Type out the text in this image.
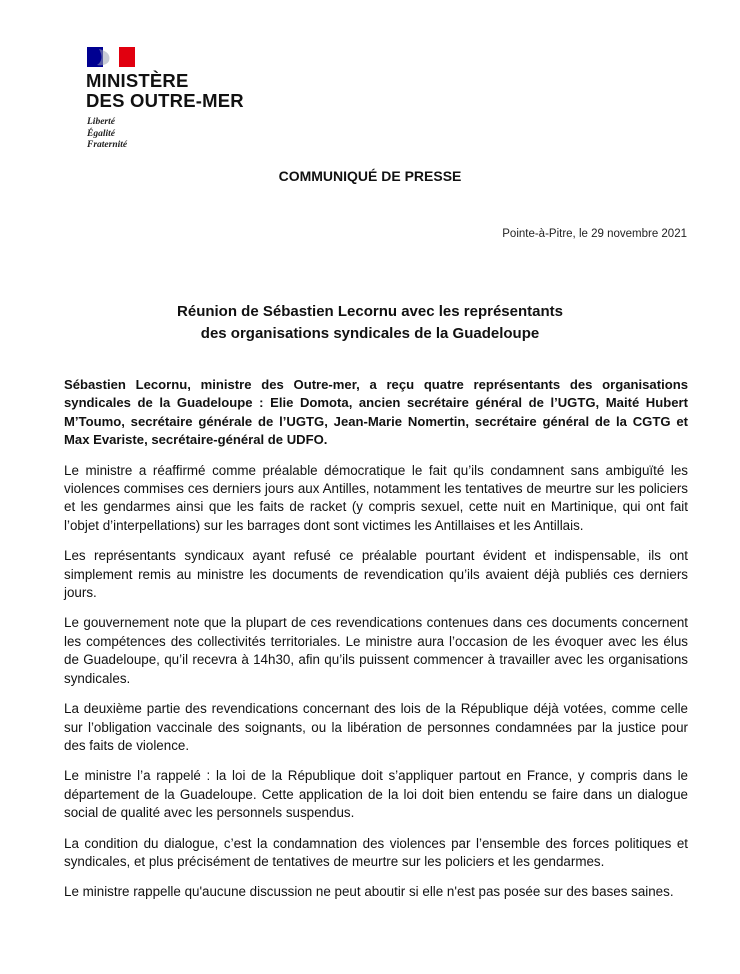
MINISTÈRE
DES OUTRE-MER
Liberté
Égalité
Fraternité
COMMUNIQUÉ DE PRESSE
Pointe-à-Pitre, le 29 novembre 2021
Réunion de Sébastien Lecornu avec les représentants
des organisations syndicales de la Guadeloupe

Sébastien Lecornu, ministre des Outre-mer, a reçu quatre représentants des organisations syndicales de la Guadeloupe : Elie Domota, ancien secrétaire général de l’UGTG, Maité Hubert M’Toumo, secrétaire générale de l’UGTG, Jean-Marie Nomertin, secrétaire général de la CGTG et Max Evariste, secrétaire-général de UDFO.

Le ministre a réaffirmé comme préalable démocratique le fait qu’ils condamnent sans ambiguïté les violences commises ces derniers jours aux Antilles, notamment les tentatives de meurtre sur les policiers et les gendarmes ainsi que les faits de racket (y compris sexuel, cette nuit en Martinique, qui ont fait l’objet d’interpellations) sur les barrages dont sont victimes les Antillaises et les Antillais.

Les représentants syndicaux ayant refusé ce préalable pourtant évident et indispensable, ils ont simplement remis au ministre les documents de revendication qu’ils avaient déjà publiés ces derniers jours.

Le gouvernement note que la plupart de ces revendications contenues dans ces documents concernent les compétences des collectivités territoriales. Le ministre aura l’occasion de les évoquer avec les élus de Guadeloupe, qu’il recevra à 14h30, afin qu’ils puissent commencer à travailler avec les organisations syndicales.

La deuxième partie des revendications concernant des lois de la République déjà votées, comme celle sur l’obligation vaccinale des soignants, ou la libération de personnes condamnées par la justice pour des faits de violence.

Le ministre l’a rappelé : la loi de la République doit s’appliquer partout en France, y compris dans le département de la Guadeloupe. Cette application de la loi doit bien entendu se faire dans un dialogue social de qualité avec les personnels suspendus.

La condition du dialogue, c’est la condamnation des violences par l’ensemble des forces politiques et syndicales, et plus précisément de tentatives de meurtre sur les policiers et les gendarmes.

Le ministre rappelle qu'aucune discussion ne peut aboutir si elle n'est pas posée sur des bases saines.
